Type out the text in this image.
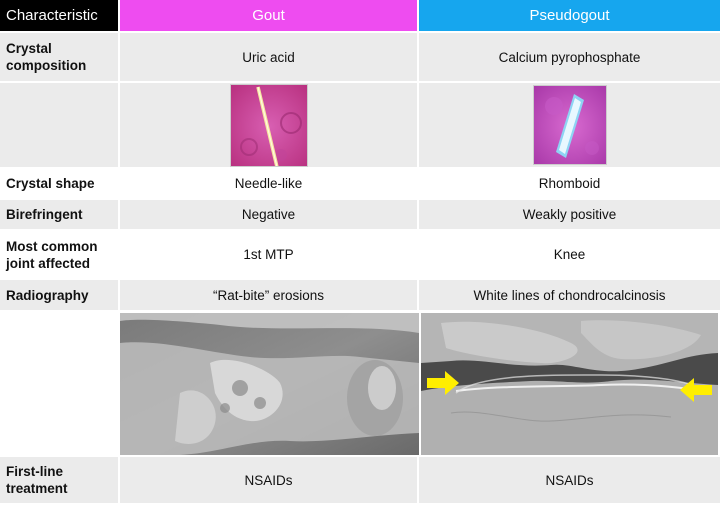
Characteristic	Gout	Pseudogout
Crystal composition	Uric acid	Calcium pyrophosphate

Crystal shape	Needle-like	Rhomboid
Birefringent	Negative	Weakly positive
Most common joint affected	1st MTP	Knee
Radiography	“Rat-bite” erosions	White lines of chondrocalcinosis

First-line treatment	NSAIDs	NSAIDs
